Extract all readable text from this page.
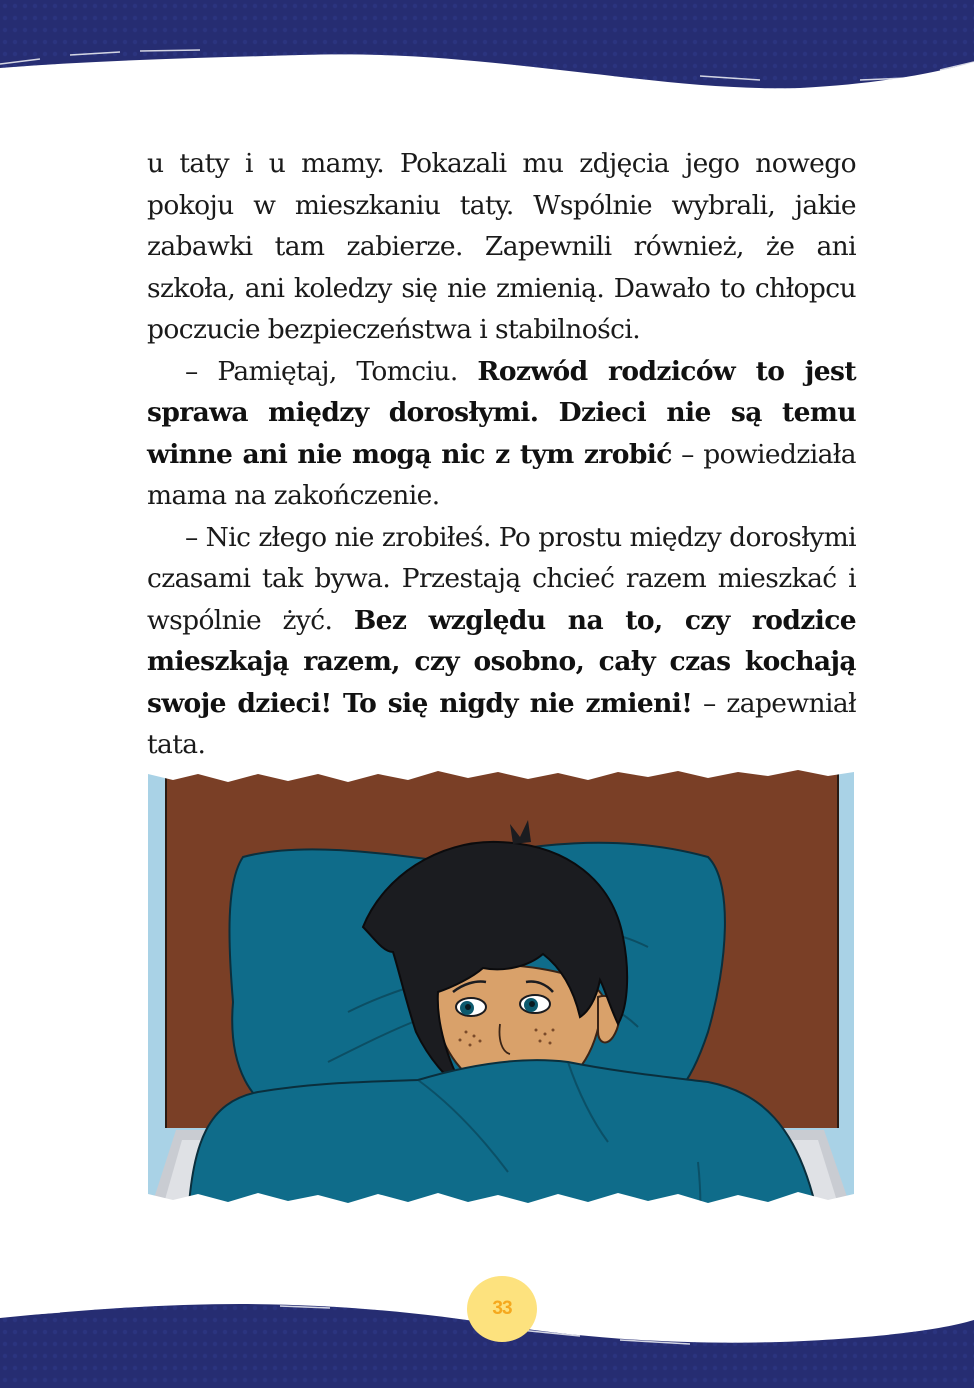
u taty i u mamy. Pokazali mu zdjęcia jego nowego pokoju w mieszkaniu taty. Wspólnie wybrali, jakie zabawki tam zabierze. Zapewnili również, że ani szkoła, ani koledzy się nie zmienią. Dawało to chłopcu poczucie bezpieczeństwa i stabilności.

– Pamiętaj, Tomciu. Rozwód rodziców to jest sprawa między dorosłymi. Dzieci nie są temu winne ani nie mogą nic z tym zrobić – powiedziała mama na zakończenie.

– Nic złego nie zrobiłeś. Po prostu między dorosłymi czasami tak bywa. Przestają chcieć razem mieszkać i wspólnie żyć. Bez względu na to, czy rodzice mieszkają razem, czy osobno, cały czas kochają swoje dzieci! To się nigdy nie zmieni! – zapewniał tata.

33
